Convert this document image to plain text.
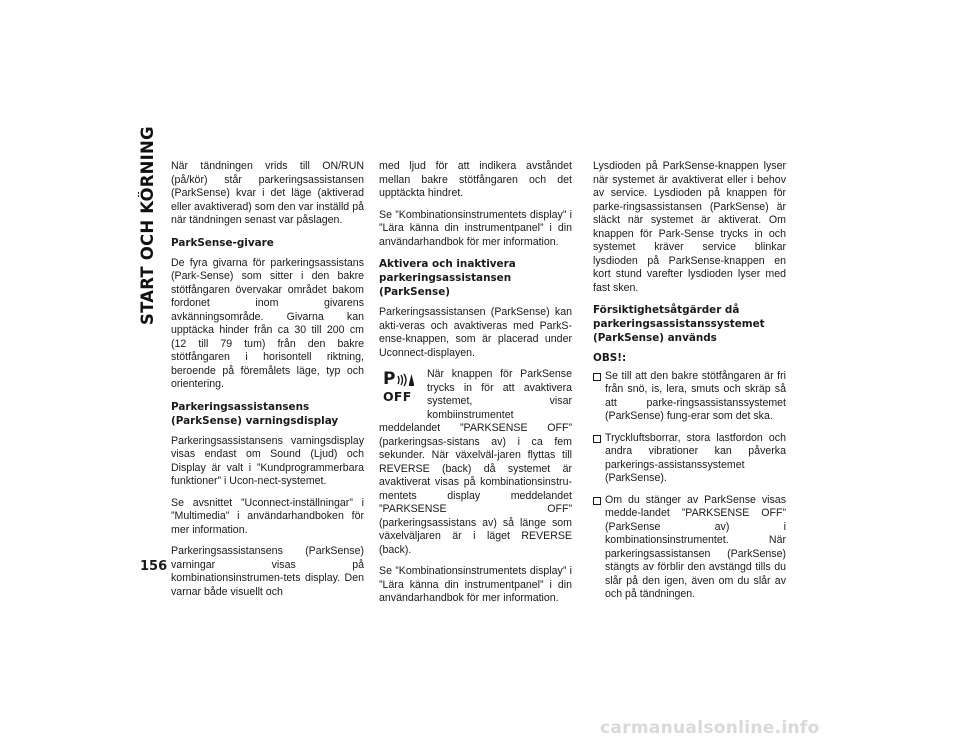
START OCH KÖRNING
156

När tändningen vrids till ON/RUN (på/kör) står parkeringsassistansen (ParkSense) kvar i det läge (aktiverad eller avaktiverad) som den var inställd på när tändningen senast var påslagen.

ParkSense-givare

De fyra givarna för parkeringsassistans (Park-Sense) som sitter i den bakre stötfångaren övervakar området bakom fordonet inom givarens avkänningsområde. Givarna kan upptäcka hinder från ca 30 till 200 cm (12 till 79 tum) från den bakre stötfångaren i horisontell riktning, beroende på föremålets läge, typ och orientering.

Parkeringsassistansens (ParkSense) varningsdisplay

Parkeringsassistansens varningsdisplay visas endast om Sound (Ljud) och Display är valt i ”Kundprogrammerbara funktioner” i Ucon-nect-systemet.

Se avsnittet ”Uconnect-inställningar” i ”Multimedia” i användarhandboken för mer information.

Parkeringsassistansens (ParkSense) varningar visas på kombinationsinstrumen-tets display. Den varnar både visuellt och

med ljud för att indikera avståndet mellan bakre stötfångaren och det upptäckta hindret.

Se ”Kombinationsinstrumentets display” i ”Lära känna din instrumentpanel” i din användarhandbok för mer information.

Aktivera och inaktivera parkeringsassistansen (ParkSense)

Parkeringsassistansen (ParkSense) kan akti-veras och avaktiveras med ParkS-ense-knappen, som är placerad under Uconnect-displayen.

P
OFF

När knappen för ParkSense trycks in för att avaktivera systemet, visar kombiinstrumentet meddelandet ”PARKSENSE OFF” (parkeringsas-sistans av) i ca fem sekunder. När växelväl-jaren flyttas till REVERSE (back) då systemet är avaktiverat visas på kombinationsinstru-mentets display meddelandet ”PARKSENSE OFF” (parkeringsassistans av) så länge som växelväljaren är i läget REVERSE (back).

Se ”Kombinationsinstrumentets display” i ”Lära känna din instrumentpanel” i din användarhandbok för mer information.

Lysdioden på ParkSense-knappen lyser när systemet är avaktiverat eller i behov av service. Lysdioden på knappen för parke-ringsassistansen (ParkSense) är släckt när systemet är aktiverat. Om knappen för Park-Sense trycks in och systemet kräver service blinkar lysdioden på ParkSense-knappen en kort stund varefter lysdioden lyser med fast sken.

Försiktighetsåtgärder då parkeringsassistanssystemet (ParkSense) används

OBS!:

Se till att den bakre stötfångaren är fri från snö, is, lera, smuts och skräp så att parke-ringsassistanssystemet (ParkSense) fung-erar som det ska.
Tryckluftsborrar, stora lastfordon och andra vibrationer kan påverka parkerings-assistanssystemet (ParkSense).
Om du stänger av ParkSense visas medde-landet ”PARKSENSE OFF” (ParkSense av) i kombinationsinstrumentet. När parkeringsassistansen (ParkSense) stängts av förblir den avstängd tills du slår på den igen, även om du slår av och på tändningen.
carmanualsonline.info
